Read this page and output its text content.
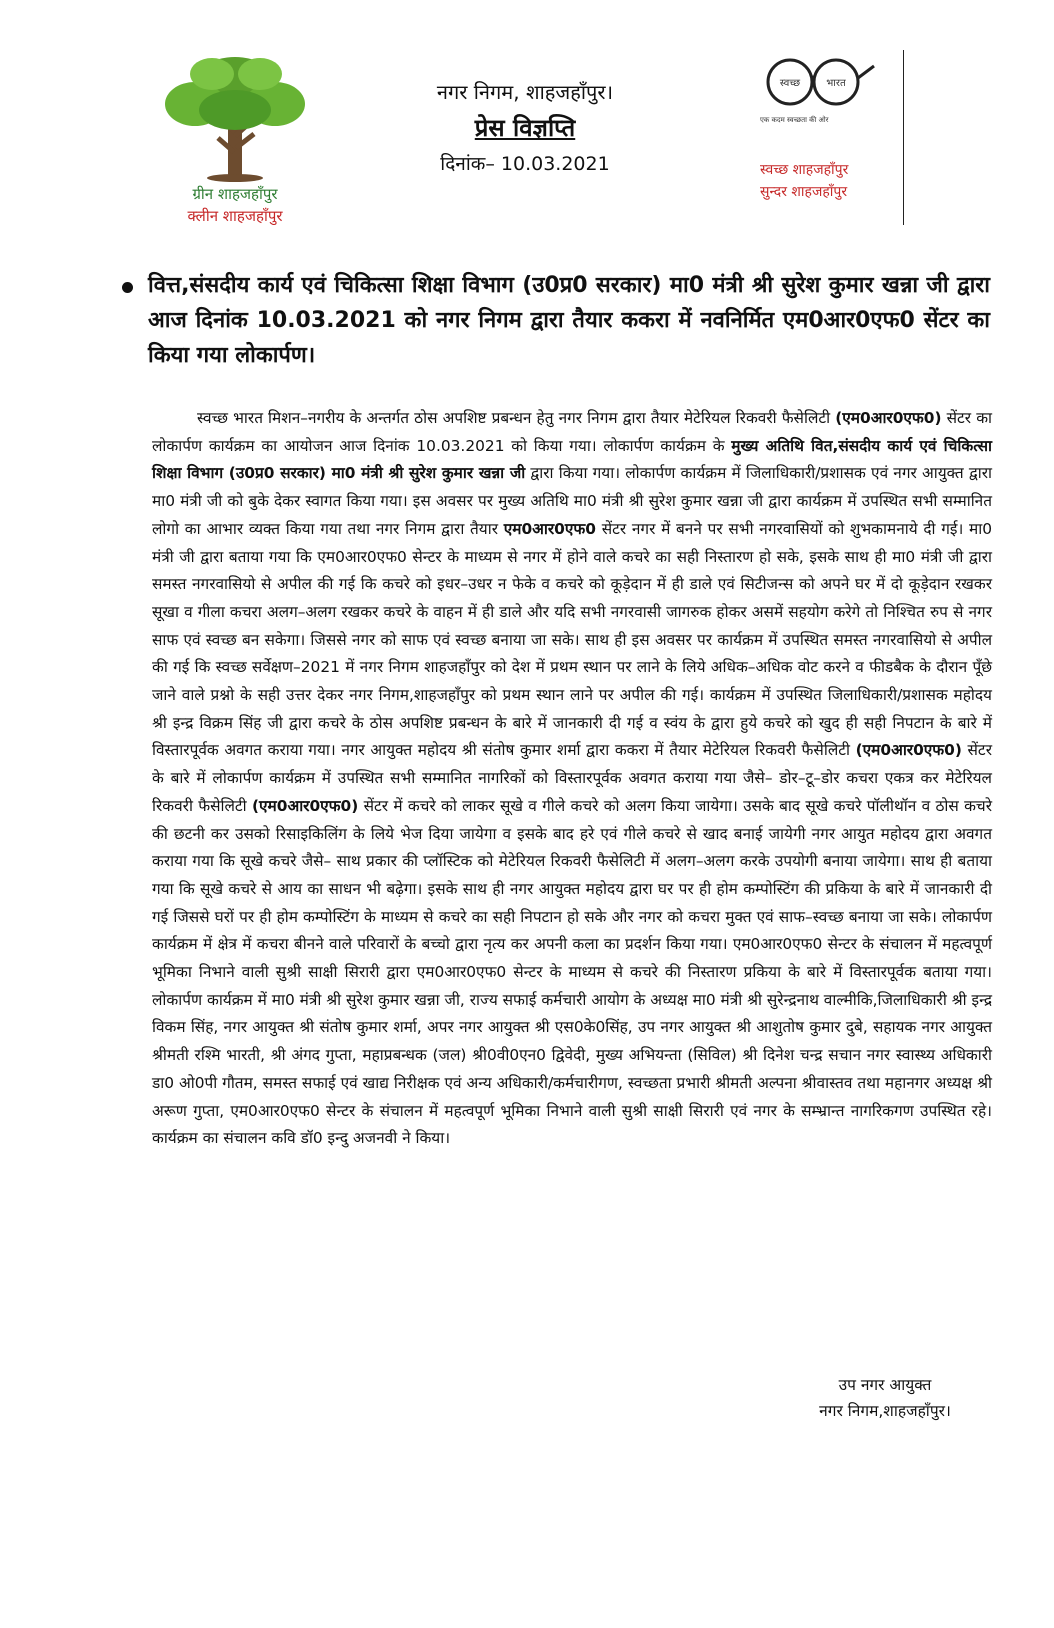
ग्रीन शाहजहाँपुर
क्लीन शाहजहाँपुर
नगर निगम, शाहजहाँपुर।
प्रेस विज्ञप्ति
दिनांक– 10.03.2021
स्वच्छ	भारत
एक कदम स्वच्छता की ओर
स्वच्छ शाहजहाँपुर
सुन्दर शाहजहाँपुर
वित्त,संसदीय कार्य एवं चिकित्सा शिक्षा विभाग (उ0प्र0 सरकार) मा0 मंत्री श्री सुरेश कुमार खन्ना जी द्वारा आज दिनांक 10.03.2021 को नगर निगम द्वारा तैयार ककरा में नवनिर्मित एम0आर0एफ0 सेंटर का किया गया लोकार्पण।

स्वच्छ भारत मिशन–नगरीय के अन्तर्गत ठोस अपशिष्ट प्रबन्धन हेतु नगर निगम द्वारा तैयार मेटेरियल रिकवरी फैसेलिटी (एम0आर0एफ0) सेंटर का लोकार्पण कार्यक्रम का आयोजन आज दिनांक 10.03.2021 को किया गया। लोकार्पण कार्यक्रम के मुख्य अतिथि वित,संसदीय कार्य एवं चिकित्सा शिक्षा विभाग (उ0प्र0 सरकार) मा0 मंत्री श्री सुरेश कुमार खन्ना जी द्वारा किया गया। लोकार्पण कार्यक्रम में जिलाधिकारी/प्रशासक एवं नगर आयुक्त द्वारा मा0 मंत्री जी को बुके देकर स्वागत किया गया। इस अवसर पर मुख्य अतिथि मा0 मंत्री श्री सुरेश कुमार खन्ना जी द्वारा कार्यक्रम में उपस्थित सभी सम्मानित लोगो का आभार व्यक्त किया गया तथा नगर निगम द्वारा तैयार एम0आर0एफ0 सेंटर नगर में बनने पर सभी नगरवासियों को शुभकामनाये दी गई। मा0 मंत्री जी द्वारा बताया गया कि एम0आर0एफ0 सेन्टर के माध्यम से नगर में होने वाले कचरे का सही निस्तारण हो सके, इसके साथ ही मा0 मंत्री जी द्वारा समस्त नगरवासियो से अपील की गई कि कचरे को इधर–उधर न फेके व कचरे को कूड़ेदान में ही डाले एवं सिटीजन्स को अपने घर में दो कूड़ेदान रखकर सूखा व गीला कचरा अलग–अलग रखकर कचरे के वाहन में ही डाले और यदि सभी नगरवासी जागरुक होकर असमें सहयोग करेगे तो निश्चित रुप से नगर साफ एवं स्वच्छ बन सकेगा। जिससे नगर को साफ एवं स्वच्छ बनाया जा सके। साथ ही इस अवसर पर कार्यक्रम में उपस्थित समस्त नगरवासियो से अपील की गई कि स्वच्छ सर्वेक्षण–2021 में नगर निगम शाहजहाँपुर को देश में प्रथम स्थान पर लाने के लिये अधिक–अधिक वोट करने व फीडबैक के दौरान पूँछे जाने वाले प्रश्नो के सही उत्तर देकर नगर निगम,शाहजहाँपुर को प्रथम स्थान लाने पर अपील की गई। कार्यक्रम में उपस्थित जिलाधिकारी/प्रशासक महोदय श्री इन्द्र विक्रम सिंह जी द्वारा कचरे के ठोस अपशिष्ट प्रबन्धन के बारे में जानकारी दी गई व स्वंय के द्वारा हुये कचरे को खुद ही सही निपटान के बारे में विस्तारपूर्वक अवगत कराया गया। नगर आयुक्त महोदय श्री संतोष कुमार शर्मा द्वारा ककरा में तैयार मेटेरियल रिकवरी फैसेलिटी (एम0आर0एफ0) सेंटर के बारे में लोकार्पण कार्यक्रम में उपस्थित सभी सम्मानित नागरिकों को विस्तारपूर्वक अवगत कराया गया जैसे– डोर–टू–डोर कचरा एकत्र कर मेटेरियल रिकवरी फैसेलिटी (एम0आर0एफ0) सेंटर में कचरे को लाकर सूखे व गीले कचरे को अलग किया जायेगा। उसके बाद सूखे कचरे पॉलीथॉन व ठोस कचरे की छटनी कर उसको रिसाइकिलिंग के लिये भेज दिया जायेगा व इसके बाद हरे एवं गीले कचरे से खाद बनाई जायेगी नगर आयुत महोदय द्वारा अवगत कराया गया कि सूखे कचरे जैसे– साथ प्रकार की प्लॉस्टिक को मेटेरियल रिकवरी फैसेलिटी में अलग–अलग करके उपयोगी बनाया जायेगा। साथ ही बताया गया कि सूखे कचरे से आय का साधन भी बढ़ेगा। इसके साथ ही नगर आयुक्त महोदय द्वारा घर पर ही होम कम्पोस्टिंग की प्रकिया के बारे में जानकारी दी गई जिससे घरों पर ही होम कम्पोस्टिंग के माध्यम से कचरे का सही निपटान हो सके और नगर को कचरा मुक्त एवं साफ–स्वच्छ बनाया जा सके। लोकार्पण कार्यक्रम में क्षेत्र में कचरा बीनने वाले परिवारों के बच्चो द्वारा नृत्य कर अपनी कला का प्रदर्शन किया गया। एम0आर0एफ0 सेन्टर के संचालन में महत्वपूर्ण भूमिका निभाने वाली सुश्री साक्षी सिरारी द्वारा एम0आर0एफ0 सेन्टर के माध्यम से कचरे की निस्तारण प्रकिया के बारे में विस्तारपूर्वक बताया गया। लोकार्पण कार्यक्रम में मा0 मंत्री श्री सुरेश कुमार खन्ना जी, राज्य सफाई कर्मचारी आयोग के अध्यक्ष मा0 मंत्री श्री सुरेन्द्रनाथ वाल्मीकि,जिलाधिकारी श्री इन्द्र विकम सिंह, नगर आयुक्त श्री संतोष कुमार शर्मा, अपर नगर आयुक्त श्री एस0के0सिंह, उप नगर आयुक्त श्री आशुतोष कुमार दुबे, सहायक नगर आयुक्त श्रीमती रश्मि भारती, श्री अंगद गुप्ता, महाप्रबन्धक (जल) श्री0वी0एन0 द्विवेदी, मुख्य अभियन्ता (सिविल) श्री दिनेश चन्द्र सचान नगर स्वास्थ्य अधिकारी डा0 ओ0पी गौतम, समस्त सफाई एवं खाद्य निरीक्षक एवं अन्य अधिकारी/कर्मचारीगण, स्वच्छता प्रभारी श्रीमती अल्पना श्रीवास्तव तथा महानगर अध्यक्ष श्री अरूण गुप्ता, एम0आर0एफ0 सेन्टर के संचालन में महत्वपूर्ण भूमिका निभाने वाली सुश्री साक्षी सिरारी एवं नगर के सम्भ्रान्त नागरिकगण उपस्थित रहे। कार्यक्रम का संचालन कवि डॉ0 इन्दु अजनवी ने किया।

उप नगर आयुक्त
नगर निगम,शाहजहाँपुर।
